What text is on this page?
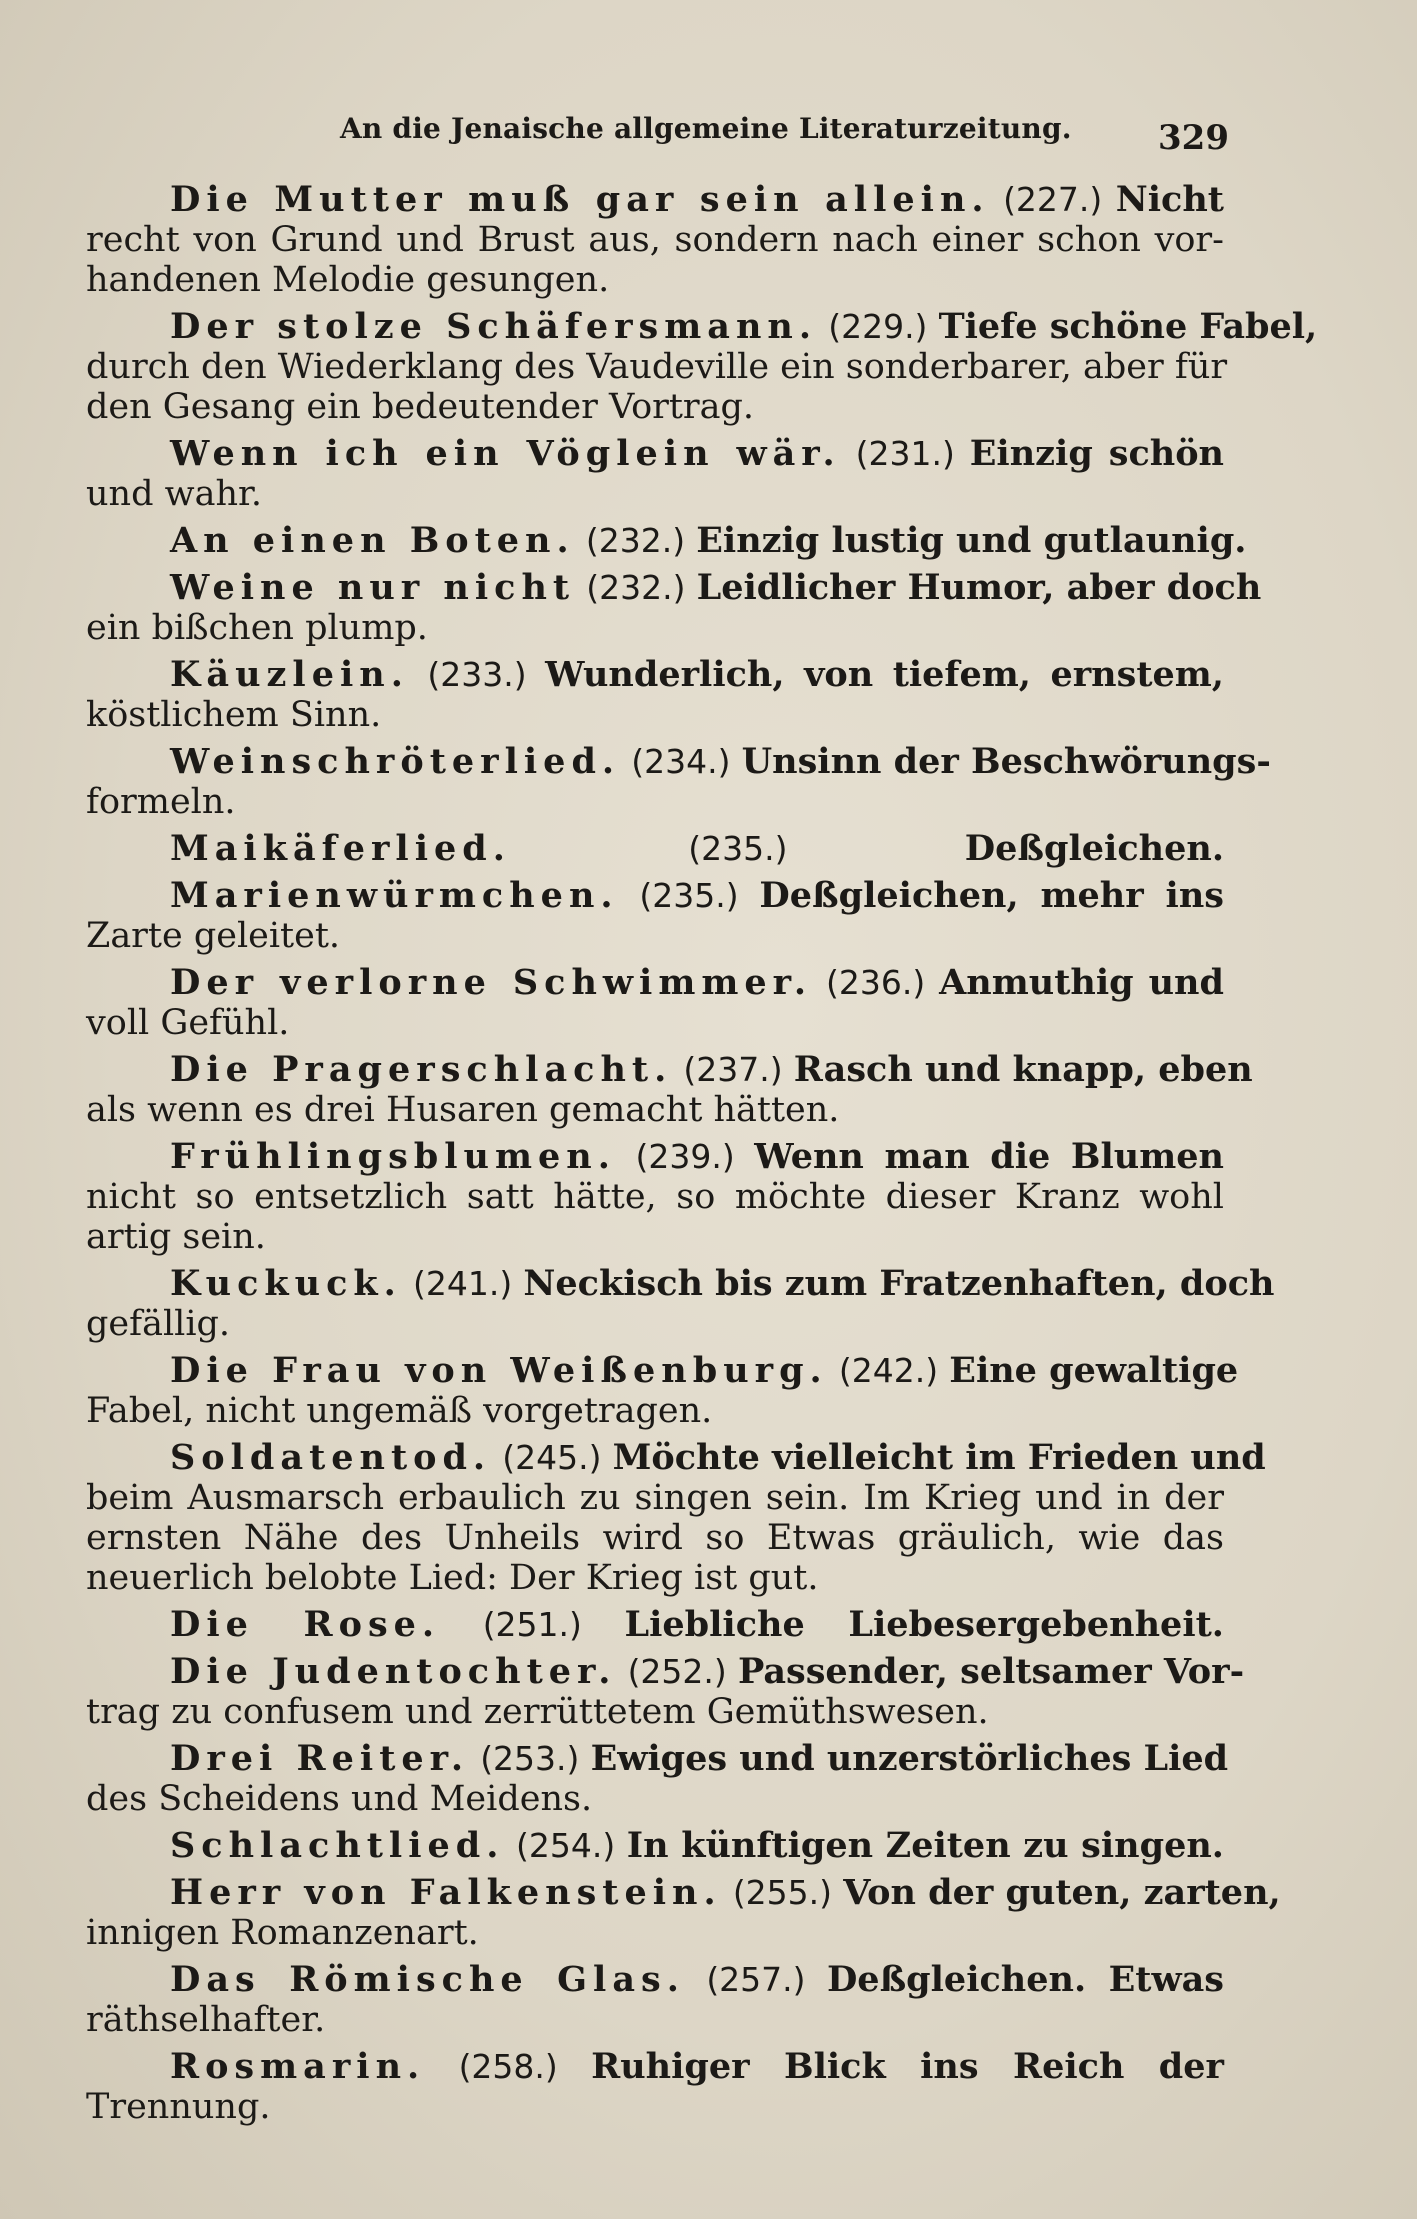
An die Jenaische allgemeine Literaturzeitung.	329
Die Mutter muß gar sein allein. (227.) Nicht
recht von Grund und Brust aus, sondern nach einer schon vor-
handenen Melodie gesungen.
Der stolze Schäfersmann. (229.) Tiefe schöne Fabel,
durch den Wiederklang des Vaudeville ein sonderbarer, aber für
den Gesang ein bedeutender Vortrag.
Wenn ich ein Vöglein wär. (231.) Einzig schön
und wahr.
An einen Boten. (232.) Einzig lustig und gutlaunig.
Weine nur nicht (232.) Leidlicher Humor, aber doch
ein bißchen plump.
Käuzlein. (233.) Wunderlich, von tiefem, ernstem,
köstlichem Sinn.
Weinschröterlied. (234.) Unsinn der Beschwörungs-
formeln.
Maikäferlied.	(235.)	Deßgleichen.
Marienwürmchen. (235.) Deßgleichen, mehr ins
Zarte geleitet.
Der verlorne Schwimmer. (236.) Anmuthig und
voll Gefühl.
Die Pragerschlacht. (237.) Rasch und knapp, eben
als wenn es drei Husaren gemacht hätten.
Frühlingsblumen. (239.) Wenn man die Blumen
nicht so entsetzlich satt hätte, so möchte dieser Kranz wohl
artig sein.
Kuckuck. (241.) Neckisch bis zum Fratzenhaften, doch
gefällig.
Die Frau von Weißenburg. (242.) Eine gewaltige
Fabel, nicht ungemäß vorgetragen.
Soldatentod. (245.) Möchte vielleicht im Frieden und
beim Ausmarsch erbaulich zu singen sein. Im Krieg und in der
ernsten Nähe des Unheils wird so Etwas gräulich, wie das
neuerlich belobte Lied: Der Krieg ist gut.
Die Rose. (251.) Liebliche Liebesergebenheit.
Die Judentochter. (252.) Passender, seltsamer Vor-
trag zu confusem und zerrüttetem Gemüthswesen.
Drei Reiter. (253.) Ewiges und unzerstörliches Lied
des Scheidens und Meidens.
Schlachtlied. (254.) In künftigen Zeiten zu singen.
Herr von Falkenstein. (255.) Von der guten, zarten,
innigen Romanzenart.
Das Römische Glas. (257.) Deßgleichen. Etwas
räthselhafter.
Rosmarin. (258.) Ruhiger Blick ins Reich der
Trennung.
